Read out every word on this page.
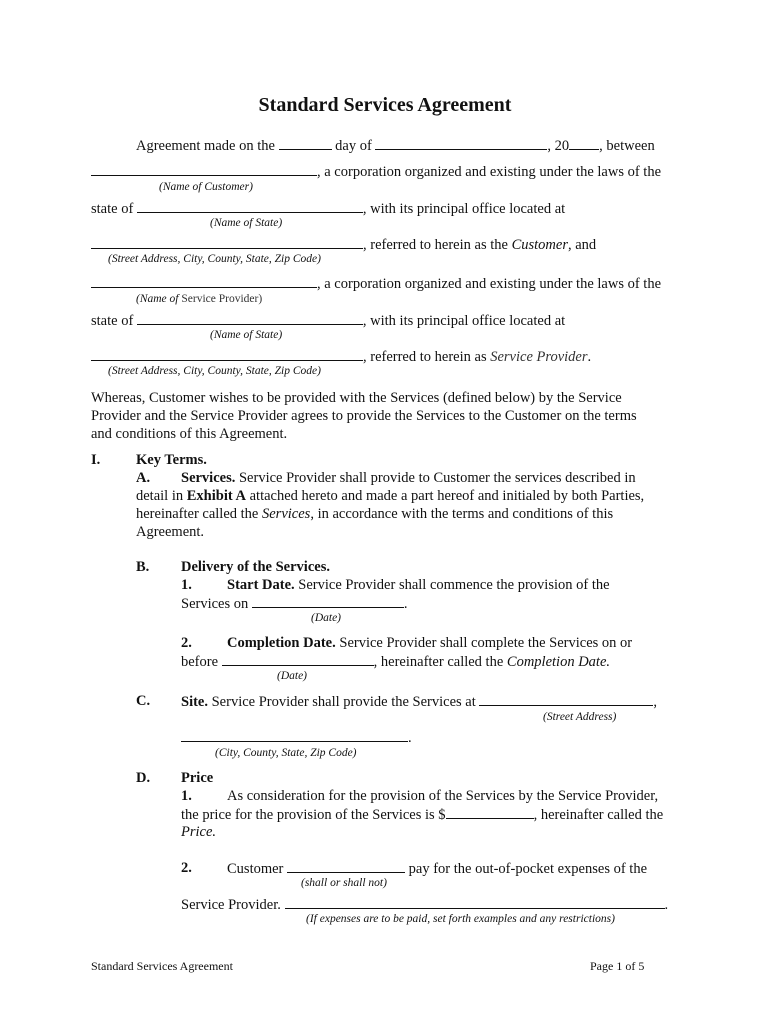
Standard Services Agreement
Agreement made on the	day of	, 20 , between
, a corporation organized and existing under the laws of the
(Name of Customer)
state of	, with its principal office located at
(Name of State)
, referred to herein as the Customer, and
(Street Address, City, County, State, Zip Code)
, a corporation organized and existing under the laws of the
(Name of Service Provider)
state of	, with its principal office located at
(Name of State)
, referred to herein as Service Provider.
(Street Address, City, County, State, Zip Code)
Whereas, Customer wishes to be provided with the Services (defined below) by the Service
Provider and the Service Provider agrees to provide the Services to the Customer on the terms
and conditions of this Agreement.
I. Key Terms.
A. Services. Service Provider shall provide to Customer the services described in
detail in Exhibit A attached hereto and made a part hereof and initialed by both Parties,
hereinafter called the Services, in accordance with the terms and conditions of this
Agreement.
B. Delivery of the Services.
1. Start Date. Service Provider shall commence the provision of the
Services on	.
(Date)
2. Completion Date. Service Provider shall complete the Services on or
before	, hereinafter called the Completion Date.
(Date)
C. Site. Service Provider shall provide the Services at	,
(Street Address)
.
(City, County, State, Zip Code)
D. Price
1. As consideration for the provision of the Services by the Service Provider,
the price for the provision of the Services is $	, hereinafter called the
Price.
2. Customer	pay for the out-of-pocket expenses of the
(shall or shall not)
Service Provider.	.
(If expenses are to be paid, set forth examples and any restrictions)
Standard Services Agreement	Page 1 of 5
